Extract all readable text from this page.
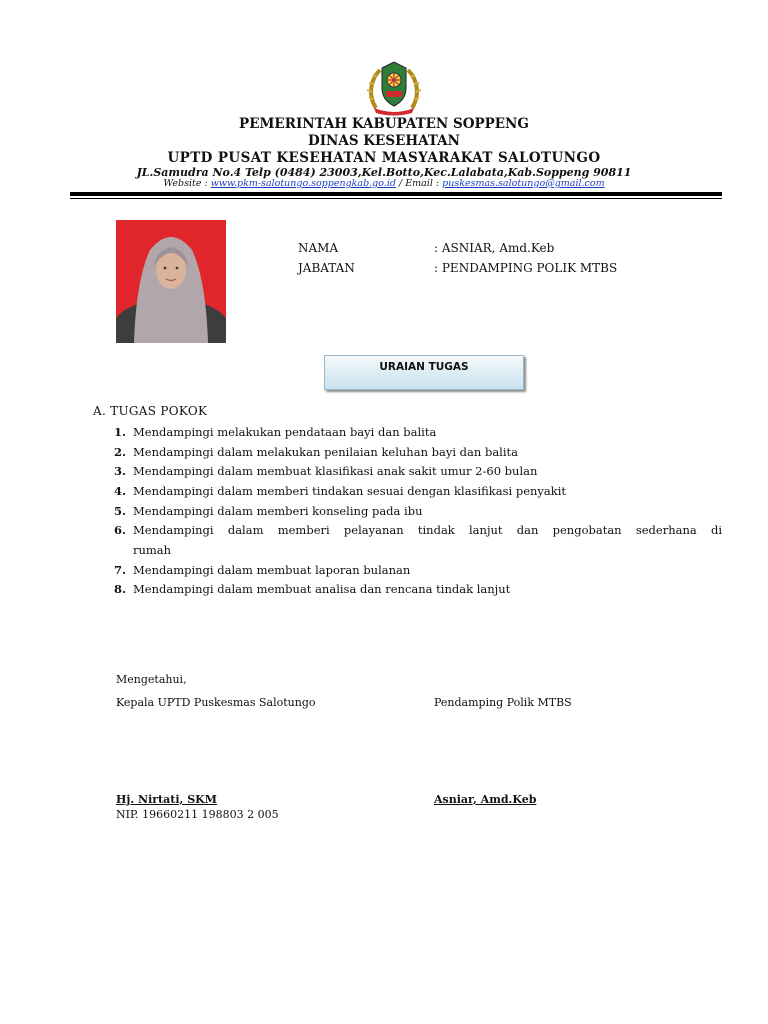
PEMERINTAH KABUPATEN SOPPENG
DINAS KESEHATAN
UPTD PUSAT KESEHATAN MASYARAKAT SALOTUNGO
JL.Samudra No.4 Telp (0484) 23003,Kel.Botto,Kec.Lalabata,Kab.Soppeng 90811
Website : www.pkm-salotungo.soppengkab.go.id / Email : puskesmas.salotungo@gmail.com
NAMA	: ASNIAR, Amd.Keb
JABATAN	: PENDAMPING POLIK MTBS
URAIAN TUGAS
A. TUGAS POKOK
1. Mendampingi melakukan pendataan bayi dan balita
2. Mendampingi dalam melakukan penilaian keluhan bayi dan balita
3. Mendampingi dalam membuat klasifikasi anak sakit umur 2-60 bulan
4. Mendampingi dalam memberi tindakan sesuai dengan klasifikasi penyakit
5. Mendampingi dalam memberi konseling pada ibu
6. Mendampingi dalam memberi pelayanan tindak lanjut dan pengobatan sederhana di
rumah
7. Mendampingi dalam membuat laporan bulanan
8. Mendampingi dalam membuat analisa dan rencana tindak lanjut
Mengetahui,
Kepala UPTD Puskesmas Salotungo	Pendamping Polik MTBS
Hj. Nirtati, SKM
NIP. 19660211 198803 2 005
Asniar, Amd.Keb
